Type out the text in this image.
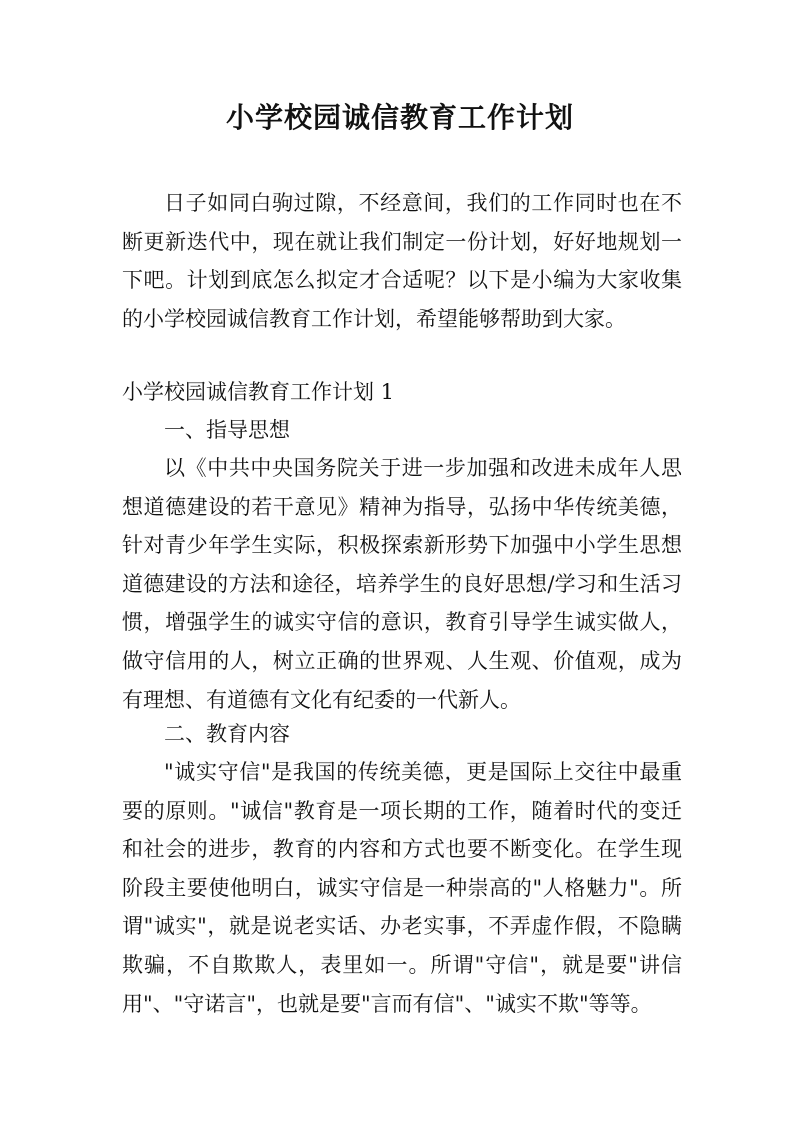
小学校园诚信教育工作计划

日子如同白驹过隙，不经意间，我们的工作同时也在不断更新迭代中，现在就让我们制定一份计划，好好地规划一下吧。计划到底怎么拟定才合适呢？以下是小编为大家收集的小学校园诚信教育工作计划，希望能够帮助到大家。

小学校园诚信教育工作计划 1

一、指导思想

以《中共中央国务院关于进一步加强和改进未成年人思想道德建设的若干意见》精神为指导，弘扬中华传统美德，针对青少年学生实际，积极探索新形势下加强中小学生思想道德建设的方法和途径，培养学生的良好思想/学习和生活习惯，增强学生的诚实守信的意识，教育引导学生诚实做人，做守信用的人，树立正确的世界观、人生观、价值观，成为有理想、有道德有文化有纪委的一代新人。

二、教育内容

"诚实守信"是我国的传统美德，更是国际上交往中最重要的原则。"诚信"教育是一项长期的工作，随着时代的变迁和社会的进步，教育的内容和方式也要不断变化。在学生现阶段主要使他明白，诚实守信是一种崇高的"人格魅力"。所谓"诚实"，就是说老实话、办老实事，不弄虚作假，不隐瞒欺骗，不自欺欺人，表里如一。所谓"守信"，就是要"讲信用"、"守诺言"，也就是要"言而有信"、"诚实不欺"等等。
